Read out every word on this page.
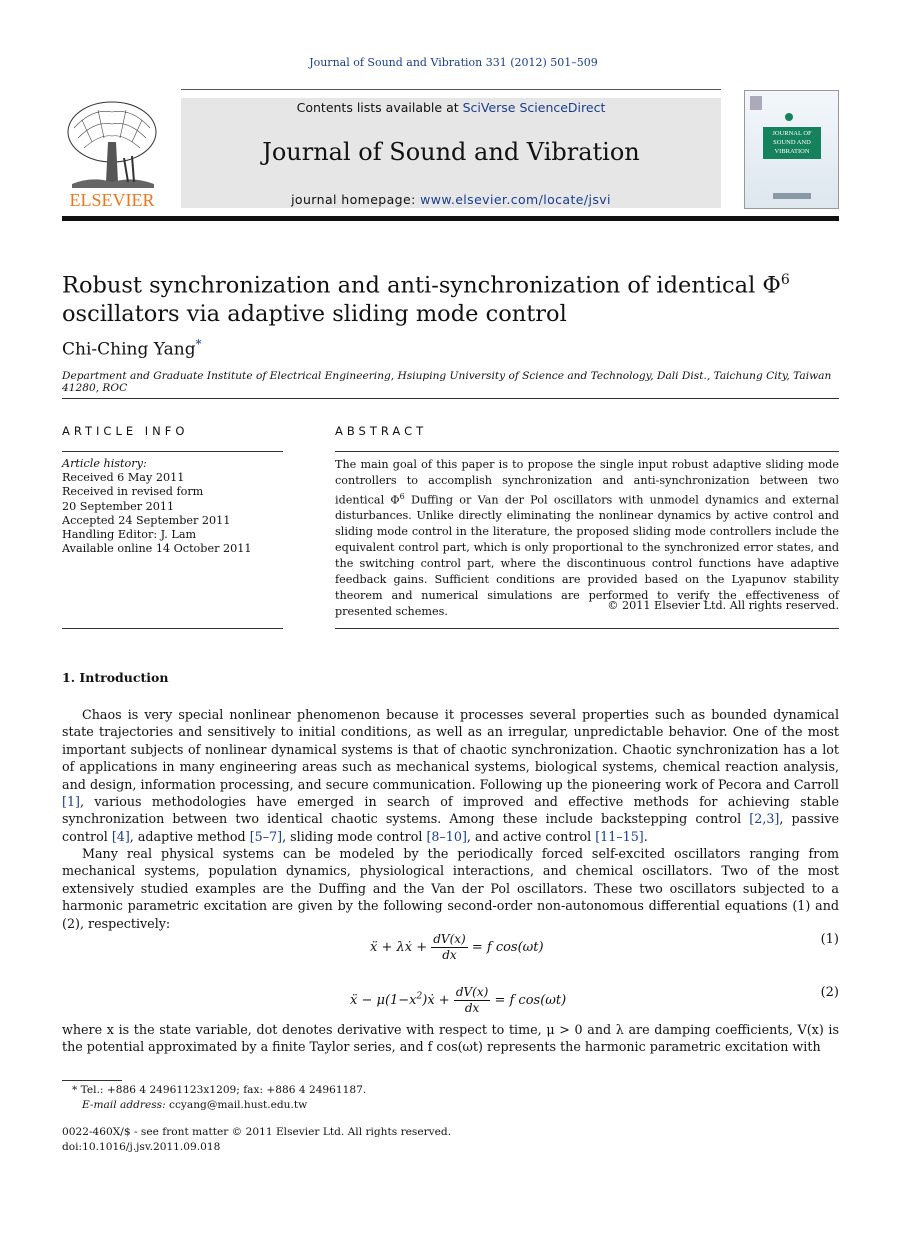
Journal of Sound and Vibration 331 (2012) 501–509
ELSEVIER
Contents lists available at SciVerse ScienceDirect
Journal of Sound and Vibration
journal homepage: www.elsevier.com/locate/jsvi
JOURNAL OF
SOUND AND
VIBRATION
Robust synchronization and anti-synchronization of identical $\Phi^6$
oscillators via adaptive sliding mode control
Chi-Ching Yang*
Department and Graduate Institute of Electrical Engineering, Hsiuping University of Science and Technology, Dali Dist., Taichung City, Taiwan 41280, ROC
ARTICLE INFO
Article history:
Received 6 May 2011
Received in revised form
20 September 2011
Accepted 24 September 2011
Handling Editor: J. Lam
Available online 14 October 2011
ABSTRACT
The main goal of this paper is to propose the single input robust adaptive sliding mode controllers to accomplish synchronization and anti-synchronization between two identical $\Phi^6$ Duffing or Van der Pol oscillators with unmodel dynamics and external disturbances. Unlike directly eliminating the nonlinear dynamics by active control and sliding mode control in the literature, the proposed sliding mode controllers include the equivalent control part, which is only proportional to the synchronized error states, and the switching control part, where the discontinuous control functions have adaptive feedback gains. Sufficient conditions are provided based on the Lyapunov stability theorem and numerical simulations are performed to verify the effectiveness of presented schemes.	© 2011 Elsevier Ltd. All rights reserved.
1. Introduction
Chaos is very special nonlinear phenomenon because it processes several properties such as bounded dynamical state trajectories and sensitively to initial conditions, as well as an irregular, unpredictable behavior. One of the most important subjects of nonlinear dynamical systems is that of chaotic synchronization. Chaotic synchronization has a lot of applications in many engineering areas such as mechanical systems, biological systems, chemical reaction analysis, and design, information processing, and secure communication. Following up the pioneering work of Pecora and Carroll [1], various methodologies have emerged in search of improved and effective methods for achieving stable synchronization between two identical chaotic systems. Among these include backstepping control [2,3], passive control [4], adaptive method [5–7], sliding mode control [8–10], and active control [11–15].
Many real physical systems can be modeled by the periodically forced self-excited oscillators ranging from mechanical systems, population dynamics, physiological interactions, and chemical oscillators. Two of the most extensively studied examples are the Duffing and the Van der Pol oscillators. These two oscillators subjected to a harmonic parametric excitation are given by the following second-order non-autonomous differential equations (1) and (2), respectively:
ẍ + λẋ + $\frac{dV(x)}{dx} = f$ cos(ωt)
(1)
ẍ − $\mu(1-x^2)ẋ + \frac{dV(x)}{dx} = f$ cos(ωt)
(2)
where x is the state variable, dot denotes derivative with respect to time, μ > 0 and λ are damping coefficients, V(x) is the potential approximated by a finite Taylor series, and f cos(ωt) represents the harmonic parametric excitation with
* Tel.: +886 4 24961123x1209; fax: +886 4 24961187.
E-mail address: ccyang@mail.hust.edu.tw
0022-460X/$ - see front matter © 2011 Elsevier Ltd. All rights reserved.
doi:10.1016/j.jsv.2011.09.018
